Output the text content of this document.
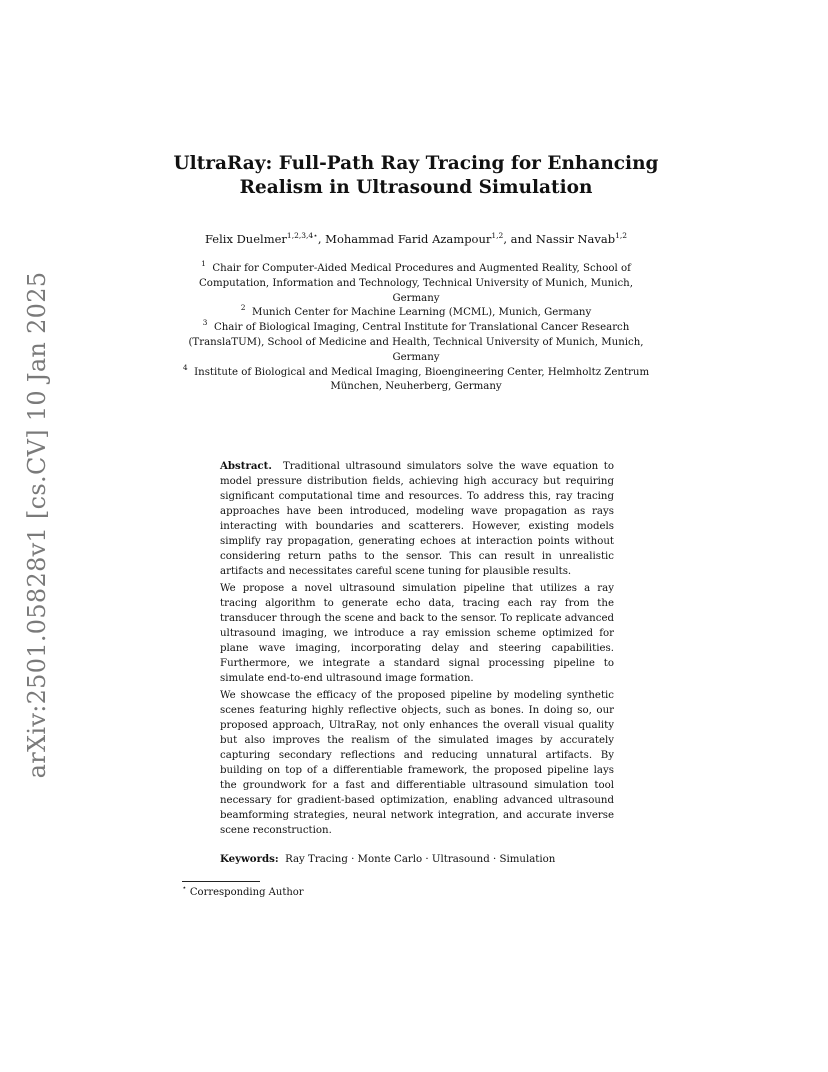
arXiv:2501.05828v1 [cs.CV] 10 Jan 2025
UltraRay: Full-Path Ray Tracing for Enhancing
Realism in Ultrasound Simulation
Felix Duelmer$^{1,2,3,4⋆}$, Mohammad Farid Azampour$^{1,2}$, and Nassir Navab$^{1,2}$

$^1$ Chair for Computer-Aided Medical Procedures and Augmented Reality, School of Computation, Information and Technology, Technical University of Munich, Munich, Germany

$^2$ Munich Center for Machine Learning (MCML), Munich, Germany

$^3$ Chair of Biological Imaging, Central Institute for Translational Cancer Research (TranslaTUM), School of Medicine and Health, Technical University of Munich, Munich, Germany

$^4$ Institute of Biological and Medical Imaging, Bioengineering Center, Helmholtz Zentrum München, Neuherberg, Germany

Abstract. Traditional ultrasound simulators solve the wave equation to model pressure distribution fields, achieving high accuracy but requiring significant computational time and resources. To address this, ray tracing approaches have been introduced, modeling wave propagation as rays interacting with boundaries and scatterers. However, existing models simplify ray propagation, generating echoes at interaction points without considering return paths to the sensor. This can result in unrealistic artifacts and necessitates careful scene tuning for plausible results.

We propose a novel ultrasound simulation pipeline that utilizes a ray tracing algorithm to generate echo data, tracing each ray from the transducer through the scene and back to the sensor. To replicate advanced ultrasound imaging, we introduce a ray emission scheme optimized for plane wave imaging, incorporating delay and steering capabilities. Furthermore, we integrate a standard signal processing pipeline to simulate end-to-end ultrasound image formation.

We showcase the efficacy of the proposed pipeline by modeling synthetic scenes featuring highly reflective objects, such as bones. In doing so, our proposed approach, UltraRay, not only enhances the overall visual quality but also improves the realism of the simulated images by accurately capturing secondary reflections and reducing unnatural artifacts. By building on top of a differentiable framework, the proposed pipeline lays the groundwork for a fast and differentiable ultrasound simulation tool necessary for gradient-based optimization, enabling advanced ultrasound beamforming strategies, neural network integration, and accurate inverse scene reconstruction.

Keywords: Ray Tracing · Monte Carlo · Ultrasound · Simulation
⋆ Corresponding Author
